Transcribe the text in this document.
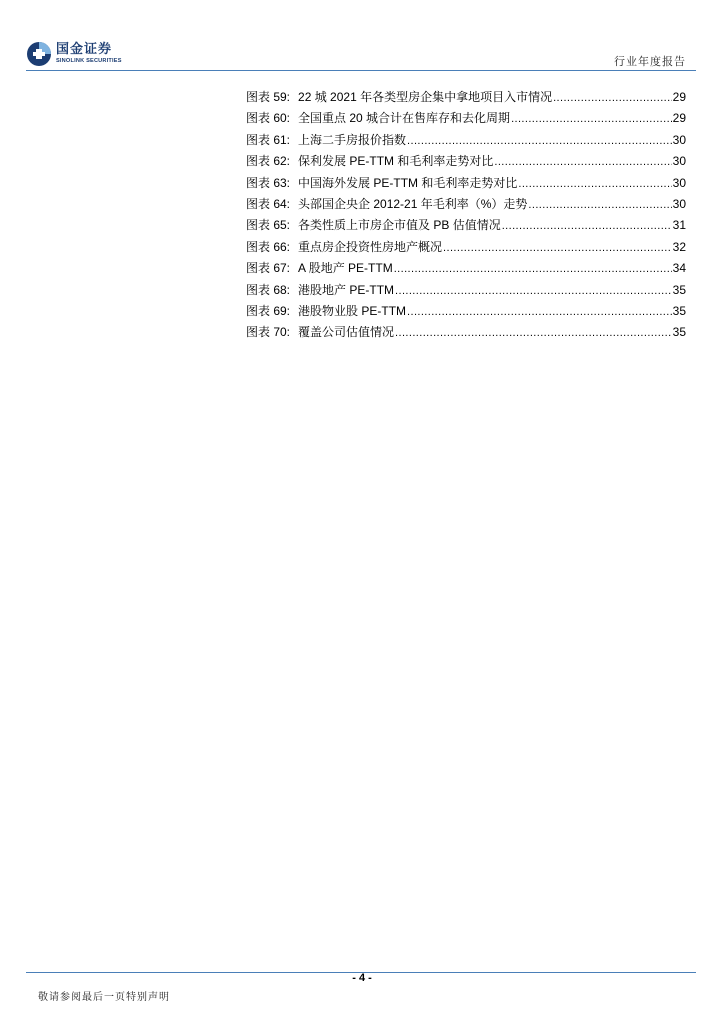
国金证券
SINOLINK SECURITIES	行业年度报告
图表 59: 22 城 2021 年各类型房企集中拿地项目入市情况 .....	29
图表 60: 全国重点 20 城合计在售库存和去化周期 .....	29
图表 61: 上海二手房报价指数 .....	30
图表 62: 保利发展 PE-TTM 和毛利率走势对比 .....	30
图表 63: 中国海外发展 PE-TTM 和毛利率走势对比 .....	30
图表 64: 头部国企央企 2012-21 年毛利率（%）走势 .....	30
图表 65: 各类性质上市房企市值及 PB 估值情况 .....	31
图表 66: 重点房企投资性房地产概况 .....	32
图表 67: A 股地产 PE-TTM .....	34
图表 68: 港股地产 PE-TTM .....	35
图表 69: 港股物业股 PE-TTM .....	35
图表 70: 覆盖公司估值情况 .....	35
- 4 -
敬请参阅最后一页特别声明
